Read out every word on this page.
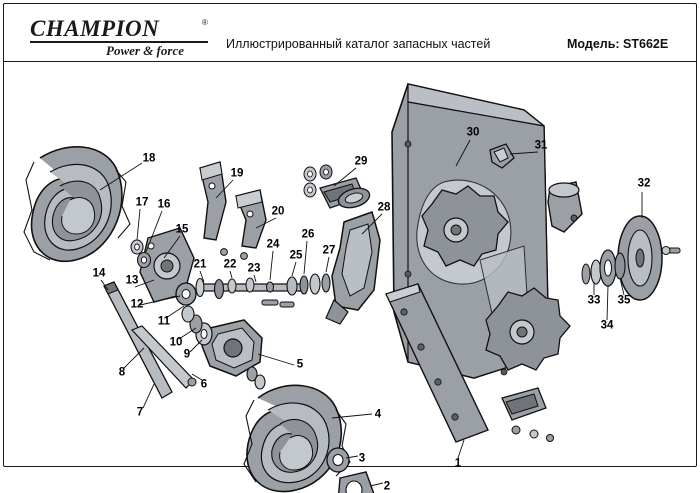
CHAMPION	®
Power & force	Иллюстрированный каталог запасных частей	Модель: ST662E
18
19
29
30
31
32
17 16
20	28
15	26
24
25 27
14
13
21 22 23
33 35
34
12
11
10
9
8
5
6
7	4
3
2
1
